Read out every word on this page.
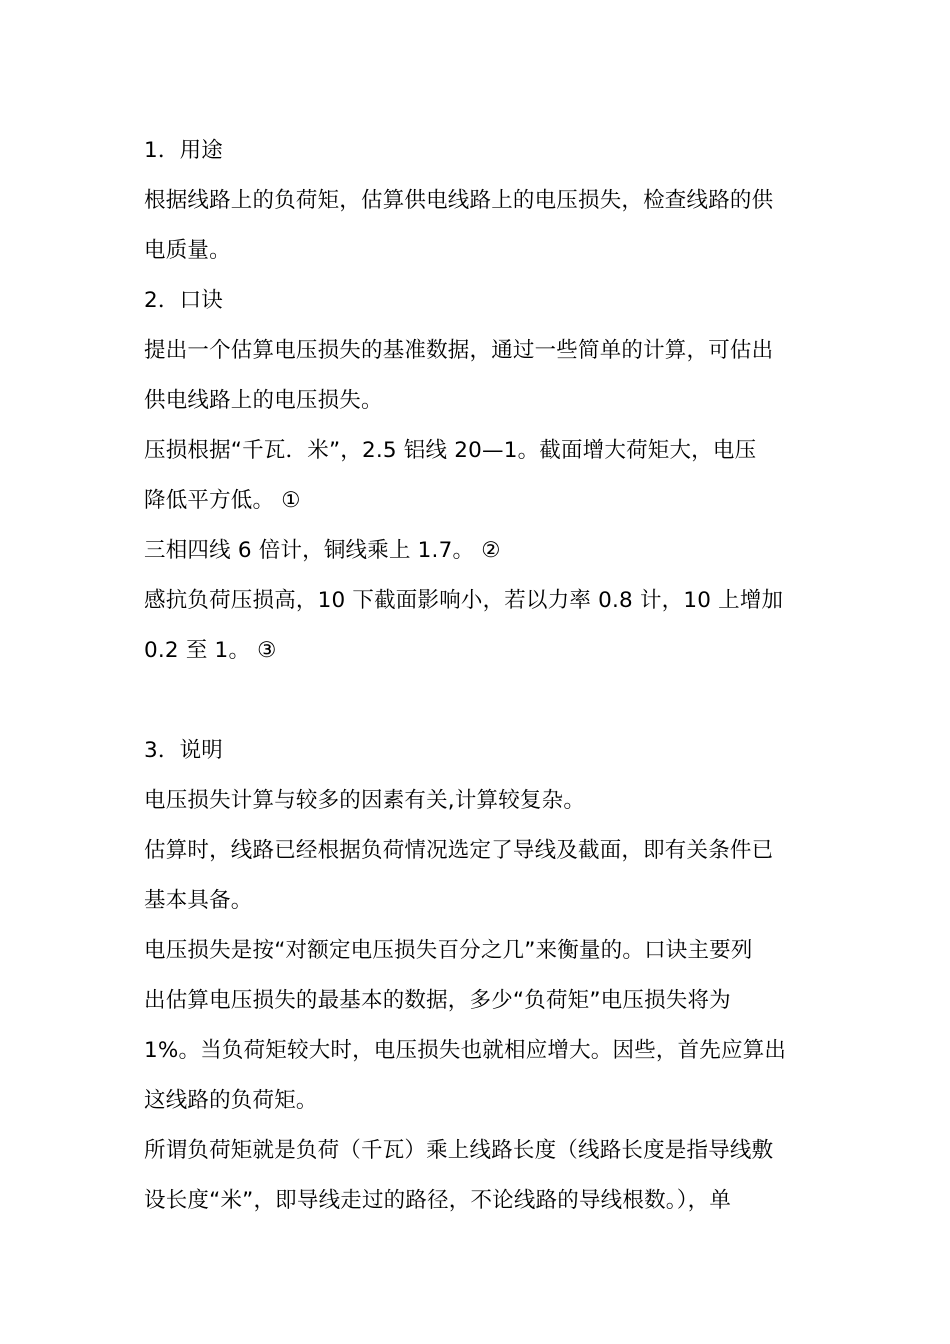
1．用途
根据线路上的负荷矩，估算供电线路上的电压损失，检查线路的供
电质量。
2．口诀
提出一个估算电压损失的基准数据，通过一些简单的计算，可估出
供电线路上的电压损失。
压损根据“千瓦．米”，2.5 铝线 20—1。截面增大荷矩大，电压
降低平方低。 ①
三相四线 6 倍计，铜线乘上 1.7。 ②
感抗负荷压损高，10 下截面影响小，若以力率 0.8 计，10 上增加
0.2 至 1。 ③
3．说明
电压损失计算与较多的因素有关,计算较复杂。
估算时，线路已经根据负荷情况选定了导线及截面，即有关条件已
基本具备。
电压损失是按“对额定电压损失百分之几”来衡量的。口诀主要列
出估算电压损失的最基本的数据，多少“负荷矩”电压损失将为
1%。当负荷矩较大时，电压损失也就相应增大。因些，首先应算出
这线路的负荷矩。
所谓负荷矩就是负荷（千瓦）乘上线路长度（线路长度是指导线敷
设长度“米”，即导线走过的路径，不论线路的导线根数。），单
